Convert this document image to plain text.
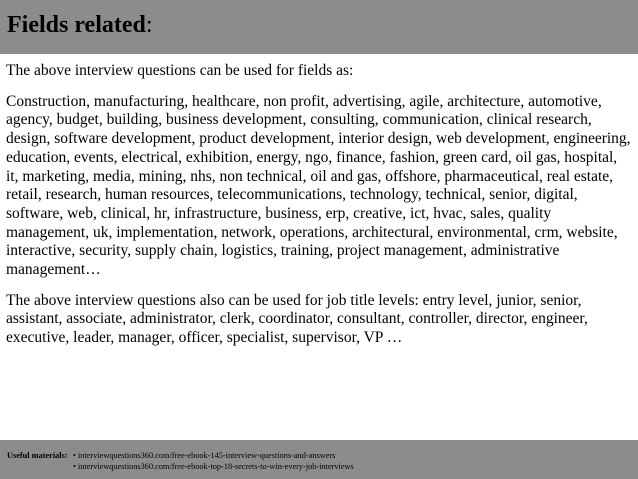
Fields related:

The above interview questions can be used for fields as:

Construction, manufacturing, healthcare, non profit, advertising, agile, architecture, automotive, agency, budget, building, business development, consulting, communication, clinical research, design, software development, product development, interior design, web development, engineering, education, events, electrical, exhibition, energy, ngo, finance, fashion, green card, oil gas, hospital, it, marketing, media, mining, nhs, non technical, oil and gas, offshore, pharmaceutical, real estate, retail, research, human resources, telecommunications, technology, technical, senior, digital, software, web, clinical, hr, infrastructure, business, erp, creative, ict, hvac, sales, quality management, uk, implementation, network, operations, architectural, environmental, crm, website, interactive, security, supply chain, logistics, training, project management, administrative management…

The above interview questions also can be used for job title levels: entry level, junior, senior, assistant, associate, administrator, clerk, coordinator, consultant, controller, director, engineer, executive, leader, manager, officer, specialist, supervisor, VP …

Useful materials: • interviewquestions360.com/free-ebook-145-interview-questions-and-answers
• interviewquestions360.com/free-ebook-top-18-secrets-to-win-every-job-interviews
